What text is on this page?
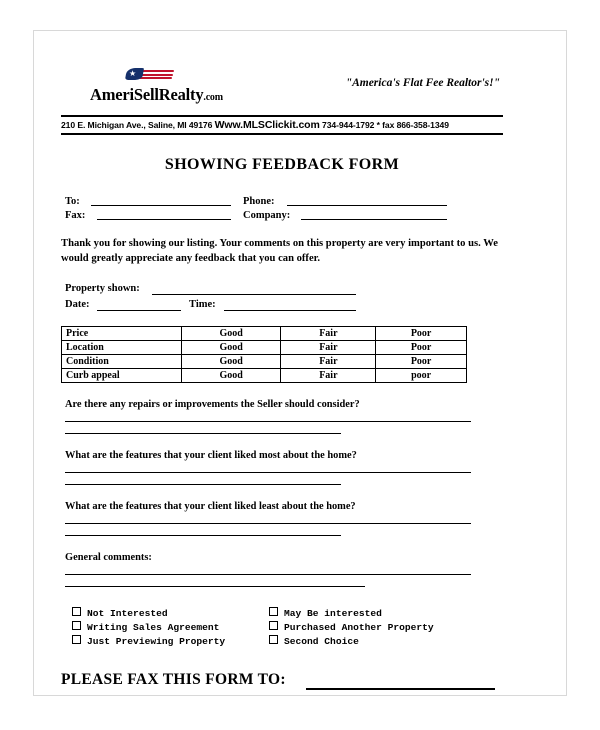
★
AmeriSellRealty.com
"America's Flat Fee Realtor's!"
210 E. Michigan Ave., Saline, MI 49176 Www.MLSClickit.com 734-944-1792 * fax 866-358-1349
SHOWING FEEDBACK FORM
To:	Phone:
Fax:	Company:
Thank you for showing our listing. Your comments on this property are very important to us. We
would greatly appreciate any feedback that you can offer.
Property shown:
Date:	Time:
Price	Good	Fair	Poor
Location	Good	Fair	Poor
Condition	Good	Fair	Poor
Curb appeal	Good	Fair	poor
Are there any repairs or improvements the Seller should consider?
What are the features that your client liked most about the home?
What are the features that your client liked least about the home?
General comments:
Not Interested	May Be interested
Writing Sales Agreement	Purchased Another Property
Just Previewing Property	Second Choice
PLEASE FAX THIS FORM TO:
